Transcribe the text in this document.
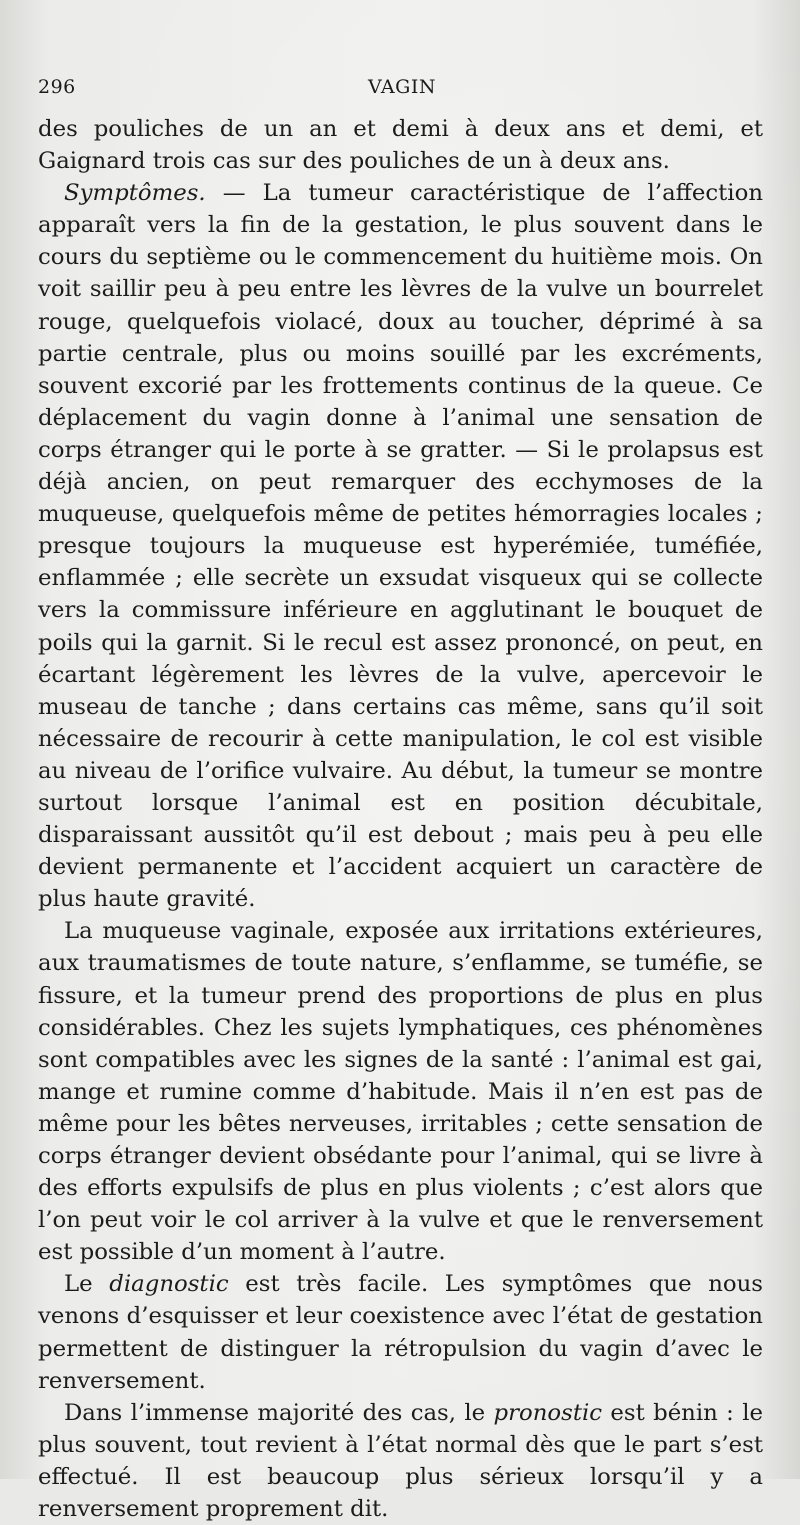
296	VAGIN

des pouliches de un an et demi à deux ans et demi, et Gaignard trois cas sur des pouliches de un à deux ans.

Symptômes. — La tumeur caractéristique de l’affection apparaît vers la fin de la gestation, le plus souvent dans le cours du septième ou le commencement du huitième mois. On voit saillir peu à peu entre les lèvres de la vulve un bourrelet rouge, quelquefois violacé, doux au toucher, déprimé à sa partie centrale, plus ou moins souillé par les excréments, souvent excorié par les frottements continus de la queue. Ce déplacement du vagin donne à l’animal une sensation de corps étranger qui le porte à se gratter. — Si le prolapsus est déjà ancien, on peut remarquer des ecchymoses de la muqueuse, quelquefois même de petites hémorragies locales ; presque toujours la muqueuse est hyperémiée, tuméfiée, enflammée ; elle secrète un exsudat visqueux qui se collecte vers la commissure inférieure en agglutinant le bouquet de poils qui la garnit. Si le recul est assez prononcé, on peut, en écartant légèrement les lèvres de la vulve, apercevoir le museau de tanche ; dans certains cas même, sans qu’il soit nécessaire de recourir à cette manipulation, le col est visible au niveau de l’orifice vulvaire. Au début, la tumeur se montre surtout lorsque l’animal est en position décubitale, disparaissant aussitôt qu’il est debout ; mais peu à peu elle devient permanente et l’accident acquiert un caractère de plus haute gravité.

La muqueuse vaginale, exposée aux irritations extérieures, aux traumatismes de toute nature, s’enflamme, se tuméfie, se fissure, et la tumeur prend des proportions de plus en plus considérables. Chez les sujets lymphatiques, ces phénomènes sont compatibles avec les signes de la santé : l’animal est gai, mange et rumine comme d’habitude. Mais il n’en est pas de même pour les bêtes nerveuses, irritables ; cette sensation de corps étranger devient obsédante pour l’animal, qui se livre à des efforts expulsifs de plus en plus violents ; c’est alors que l’on peut voir le col arriver à la vulve et que le renversement est possible d’un moment à l’autre.

Le diagnostic est très facile. Les symptômes que nous venons d’esquisser et leur coexistence avec l’état de gestation permettent de distinguer la rétropulsion du vagin d’avec le renversement.

Dans l’immense majorité des cas, le pronostic est bénin : le plus souvent, tout revient à l’état normal dès que le part s’est effectué. Il est beaucoup plus sérieux lorsqu’il y a renversement proprement dit.
